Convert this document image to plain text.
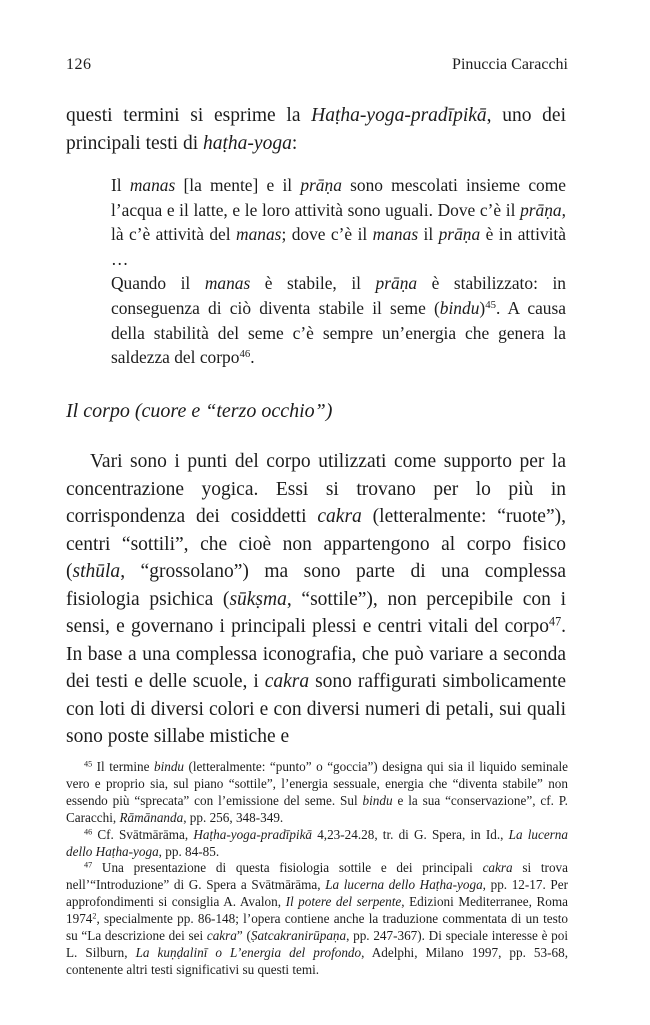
126	Pinuccia Caracchi
questi termini si esprime la Haṭha-yoga-pradīpikā, uno dei principali testi di haṭha-yoga:

Il manas [la mente] e il prāṇa sono mescolati insieme come l’acqua e il latte, e le loro attività sono uguali. Dove c’è il prāṇa, là c’è attività del manas; dove c’è il manas il prāṇa è in attività …

Quando il manas è stabile, il prāṇa è stabilizzato: in conseguenza di ciò diventa stabile il seme (bindu)$^{45}$. A causa della stabilità del seme c’è sempre un’energia che genera la saldezza del corpo$^{46}$.

Il corpo (cuore e “terzo occhio”)

Vari sono i punti del corpo utilizzati come supporto per la concentrazione yogica. Essi si trovano per lo più in corrispondenza dei cosiddetti cakra (letteralmente: “ruote”), centri “sottili”, che cioè non appartengono al corpo fisico (sthūla, “grossolano”) ma sono parte di una complessa fisiologia psichica (sūkṣma, “sottile”), non percepibile con i sensi, e governano i principali plessi e centri vitali del corpo$^{47}$. In base a una complessa iconografia, che può variare a seconda dei testi e delle scuole, i cakra sono raffigurati simbolicamente con loti di diversi colori e con diversi numeri di petali, sui quali sono poste sillabe mistiche e

$^{45}$ Il termine bindu (letteralmente: “punto” o “goccia”) designa qui sia il liquido seminale vero e proprio sia, sul piano “sottile”, l’energia sessuale, energia che “diventa stabile” non essendo più “sprecata” con l’emissione del seme. Sul bindu e la sua “conservazione”, cf. P. Caracchi, Rāmānanda, pp. 256, 348-349.

$^{46}$ Cf. Svātmārāma, Haṭha-yoga-pradīpikā 4,23-24.28, tr. di G. Spera, in Id., La lucerna dello Haṭha-yoga, pp. 84-85.

$^{47}$ Una presentazione di questa fisiologia sottile e dei principali cakra si trova nell’“Introduzione” di G. Spera a Svātmārāma, La lucerna dello Haṭha-yoga, pp. 12-17. Per approfondimenti si consiglia A. Avalon, Il potere del serpente, Edizioni Mediterranee, Roma 1974$^2$, specialmente pp. 86-148; l’opera contiene anche la traduzione commentata di un testo su “La descrizione dei sei cakra” (Ṣatcakranirūpaṇa, pp. 247-367). Di speciale interesse è poi L. Silburn, La kuṇḍalinī o L’energia del profondo, Adelphi, Milano 1997, pp. 53-68, contenente altri testi significativi su questi temi.
